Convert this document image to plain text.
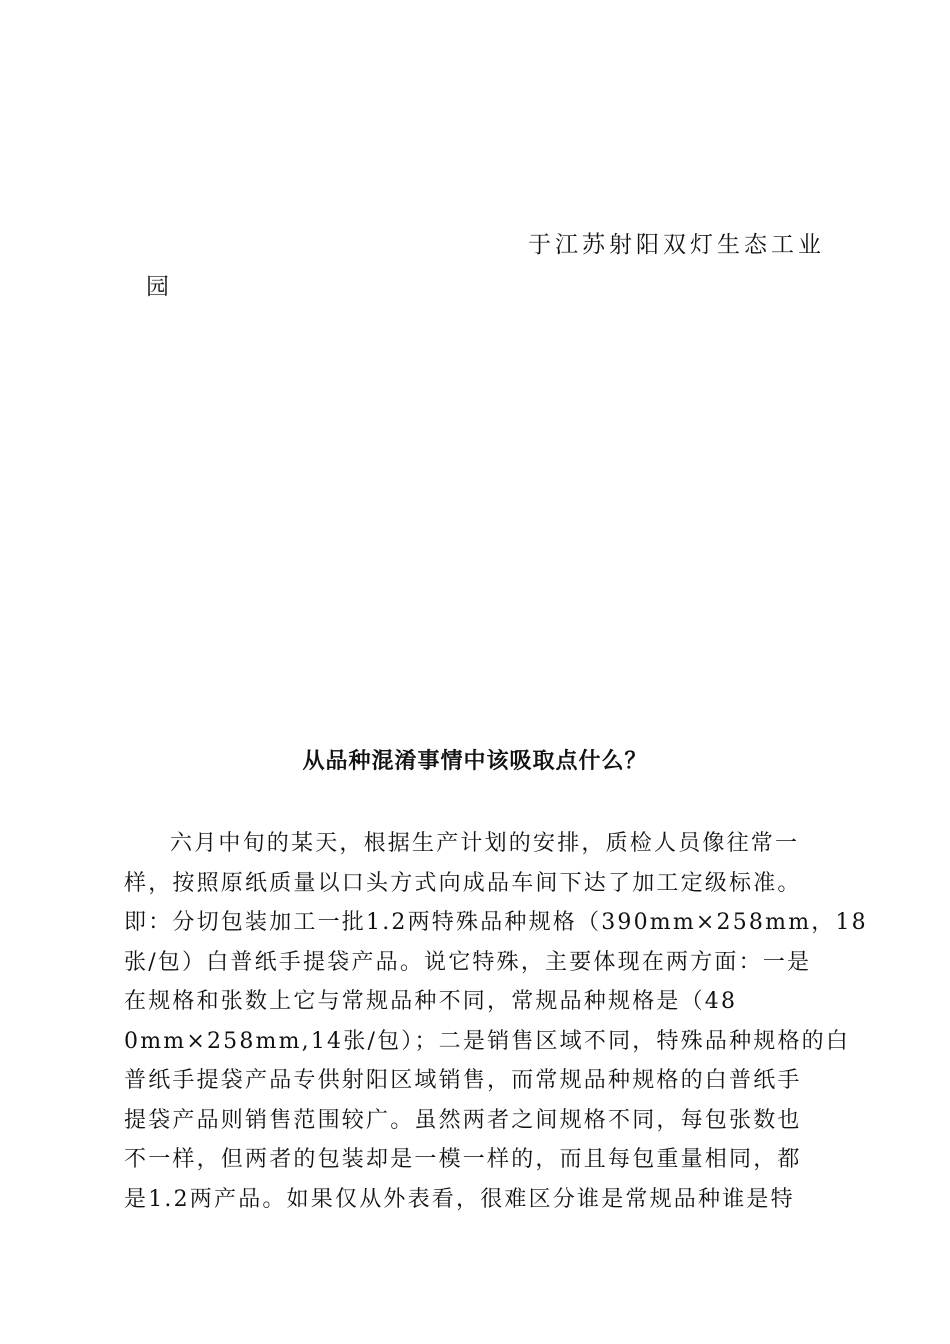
于江苏射阳双灯生态工业
园
从品种混淆事情中该吸取点什么？
六月中旬的某天，根据生产计划的安排，质检人员像往常一
样，按照原纸质量以口头方式向成品车间下达了加工定级标准。
即：分切包装加工一批1.2两特殊品种规格（390mm×258mm，18
张/包）白普纸手提袋产品。说它特殊，主要体现在两方面：一是
在规格和张数上它与常规品种不同，常规品种规格是（48
0mm×258mm,14张/包）；二是销售区域不同，特殊品种规格的白
普纸手提袋产品专供射阳区域销售，而常规品种规格的白普纸手
提袋产品则销售范围较广。虽然两者之间规格不同，每包张数也
不一样，但两者的包装却是一模一样的，而且每包重量相同，都
是1.2两产品。如果仅从外表看，很难区分谁是常规品种谁是特
